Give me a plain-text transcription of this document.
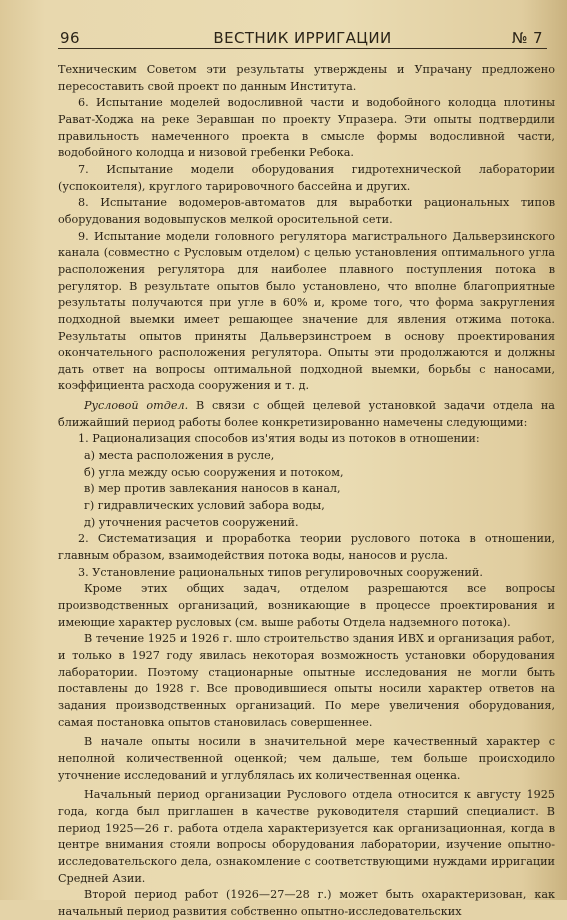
96	ВЕСТНИК ИРРИГАЦИИ	№ 7

Техническим Советом эти результаты утверждены и Упрачану предложено пересоставить свой проект по данным Института.

6. Испытание моделей водосливной части и водобойного колодца плотины Рават-Ходжа на реке Зеравшан по проекту Упразера. Эти опыты подтвердили правильность намеченного проекта в смысле формы водосливной части, водобойного колодца и низовой гребенки Ребока.

7. Испытание модели оборудования гидротехнической лаборатории (успокоителя), круглого тарировочного бассейна и других.

8. Испытание водомеров-автоматов для выработки рациональных типов оборудования водовыпусков мелкой оросительной сети.

9. Испытание модели головного регулятора магистрального Дальверзинского канала (совместно с Русловым отделом) с целью установления оптимального угла расположения регулятора для наиболее плавного поступления потока в регулятор. В результате опытов было установлено, что вполне благоприятные результаты получаются при угле в 60% и, кроме того, что форма закругления подходной выемки имеет решающее значение для явления отжима потока. Результаты опытов приняты Дальверзинстроем в основу проектирования окончательного расположения регулятора. Опыты эти продолжаются и должны дать ответ на вопросы оптимальной подходной выемки, борьбы с наносами, коэффициента расхода сооружения и т. д.

Русловой отдел. В связи с общей целевой установкой задачи отдела на ближайший период работы более конкретизированно намечены следующими:

1. Рационализация способов из'ятия воды из потоков в отношении:

а) места расположения в русле,

б) угла между осью сооружения и потоком,

в) мер против завлекания наносов в канал,

г) гидравлических условий забора воды,

д) уточнения расчетов сооружений.

2. Систематизация и проработка теории руслового потока в отношении, главным образом, взаимодействия потока воды, наносов и русла.

3. Установление рациональных типов регулировочных сооружений.

Кроме этих общих задач, отделом разрешаются все вопросы производственных организаций, возникающие в процессе проектирования и имеющие характер русловых (см. выше работы Отдела надземного потока).

В течение 1925 и 1926 г. шло строительство здания ИВХ и организация работ, и только в 1927 году явилась некоторая возможность установки оборудования лаборатории. Поэтому стационарные опытные исследования не могли быть поставлены до 1928 г. Все проводившиеся опыты носили характер ответов на задания производственных организаций. По мере увеличения оборудования, самая постановка опытов становилась совершеннее.

В начале опыты носили в значительной мере качественный характер с неполной количественной оценкой; чем дальше, тем больше происходило уточнение исследований и углублялась их количественная оценка.

Начальный период организации Руслового отдела относится к августу 1925 года, когда был приглашен в качестве руководителя старший специалист. В период 1925—26 г. работа отдела характеризуется как организационная, когда в центре внимания стояли вопросы оборудования лаборатории, изучение опытно-исследовательского дела, ознакомление с соответствующими нуждами ирригации Средней Азии.

Второй период работ (1926—27—28 г.) может быть охарактеризован, как начальный период развития собственно опытно-исследовательских
